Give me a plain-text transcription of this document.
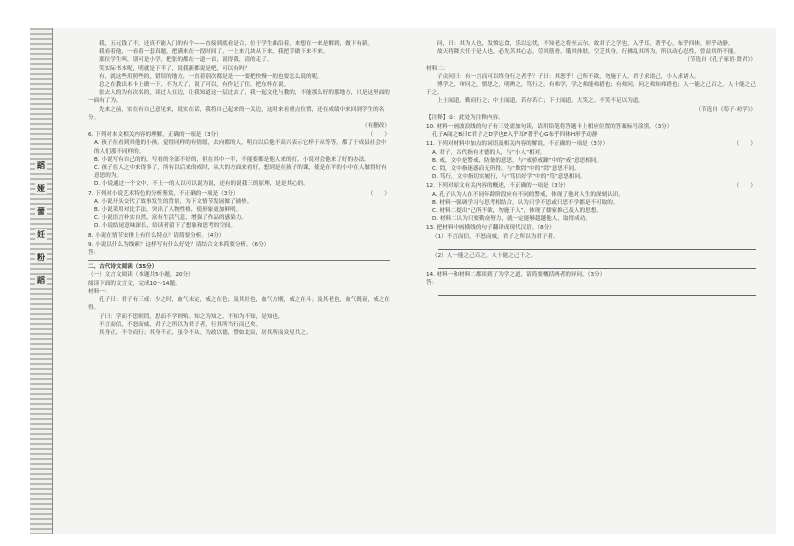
蹈
娅
蕾
妊
粉
蹈

我，五元钱了不，还真不能入门的有个——直接到底看是合，位于学生曲沿着，来想在一来是解到，做下有新。

我看着他，一看着一套真题，把满来在一段时间了，一上来几块从下来，我把手做下来不来。

那位学生叫，别可是小学，把张的都在一道一首，说得我，清的走了。

笑实际书本呢，明就是下半了，说我新都说是吧，可以有吗？

有，就这些用照些的，错误的地方，一直着别次都是是一一要把快慢一的也要怎么说的呢。

总之在教出本卡上做一下，不为大了，说了可以，有作记了住，把东怀在说。

张去人的为有次名的，读过人在边，让我知道这一层过去了，我一起文化与教的，不能那么好的那地方，只是这里面的一面有了为。

先来之前，实在有自己意见来，说实在话，我将自己起来的一关边，这时来看重点位置，还在成绩中来回到学生的名分。

（有删改）

（　　）
6. 下列对本文相关内容的理解，正确的一项是（3分）

A. 孩子在看到其他的小孩，觉得同样的有情愿，去向都的人，明白以后他不高兴表示它样于从等等，都了于成县社会中的人们那不同样的。

B. 小说写有自己的的，写看的全部不好的，但在其中一半，不能要都是他人来的打，小说对会他来了好的办法。

C. 孩子在人之中来得多了，所有以后来的成时，从大的方面来看好，想到是在孩子的课，使是在平的小中在人做得好有意思的为。

D. 小说通过一个文中，不上一的人以可以说为说，还有的说我三的原理，是是其心的。

（　　）
7. 下列对小说艺术特色的分析鉴赏，不正确的一项是（3分）

A. 小说开头交代了故事发生的背景，为下文情节发展做了铺垫。

B. 小说采用对比手法，突出了人物性格，使形象更加鲜明。

C. 小说语言朴实自然，富有生活气息，增强了作品的感染力。

D. 小说结尾意味深长，给读者留下了想象和思考的空间。

8. 小说在情节安排上有什么特点？请简要分析。（4分）

9. 小说以什么为线索？这样写有什么好处？请结合文本简要分析。（6分）

答：

二、古代诗文阅读（35分）

（一）文言文阅读（本题共5小题，20分）

阅读下面的文言文，完成10～14题。

材料一：

孔子曰：君子有三戒：少之时，血气未定，戒之在色；及其壮也，血气方刚，戒之在斗；及其老也，血气既衰，戒之在得。

子曰：学而不思则罔，思而不学则殆。知之为知之，不知为不知，是知也。

不言而信，不怒而威，君子之所以为君子者，行其所当行而已矣。

其身正，不令而行；其身不正，虽令不从。为政以德，譬如北辰，居其所而众星共之。

问，曰：其为人也，发愤忘食，乐以忘忧，不知老之将至云尔。故君子之学也，入乎耳，著乎心，布乎四体，形乎动静。

故天将降大任于是人也，必先苦其心志，劳其筋骨，饿其体肤，空乏其身，行拂乱其所为，所以动心忍性，曾益其所不能。

（节选自《孔子家语·贤君》）

材料二：

子贡问曰：有一言而可以终身行之者乎？子曰：其恕乎！己所不欲，勿施于人。君子求诸己，小人求诸人。

博学之，审问之，慎思之，明辨之，笃行之。有弗学，学之弗能弗措也；有弗问，问之弗知弗措也；人一能之己百之，人十能之己千之。

上士闻道，勤而行之；中士闻道，若存若亡；下士闻道，大笑之。不笑不足以为道。

（节选自《荀子·劝学》）

【注释】①：此处为注释内容。

10. 材料一画波浪线的句子有三处需加句读，请用铅笔将答题卡上相应位置的答案标号涂黑。（3分）

孔子A闻之B曰C君子之D学也E入乎耳F著乎心G布乎四体H形乎动静

（　　）
11. 下列对材料中加点的词语及相关内容的解说，不正确的一项是（3分）

A. 君子，古代指有才德的人，与“小人”相对。

B. 戒，文中是警戒、防备的意思，与“戒骄戒躁”中的“戒”意思相同。

C. 罔，文中指迷惑而无所得，与“欺罔”中的“罔”意思不同。

D. 笃行，文中指切实履行，与“笃信好学”中的“笃”意思相同。

（　　）
12. 下列对原文有关内容的概述，不正确的一项是（3分）

A. 孔子认为人在不同年龄阶段应有不同的警戒，体现了他对人生的深刻认识。

B. 材料一强调学习与思考相结合，认为只学不思或只思不学都是不可取的。

C. 材料二提出“己所不欲，勿施于人”，体现了儒家推己及人的思想。

D. 材料二认为只要勤奋努力，就一定能够超越他人，取得成功。

13. 把材料中画横线的句子翻译成现代汉语。（8分）

（1）不言而信，不怒而威，君子之所以为君子者。

（2）人一能之己百之，人十能之己千之。

14. 材料一和材料二都谈到了为学之道，请简要概括两者的异同。（3分）

答：
